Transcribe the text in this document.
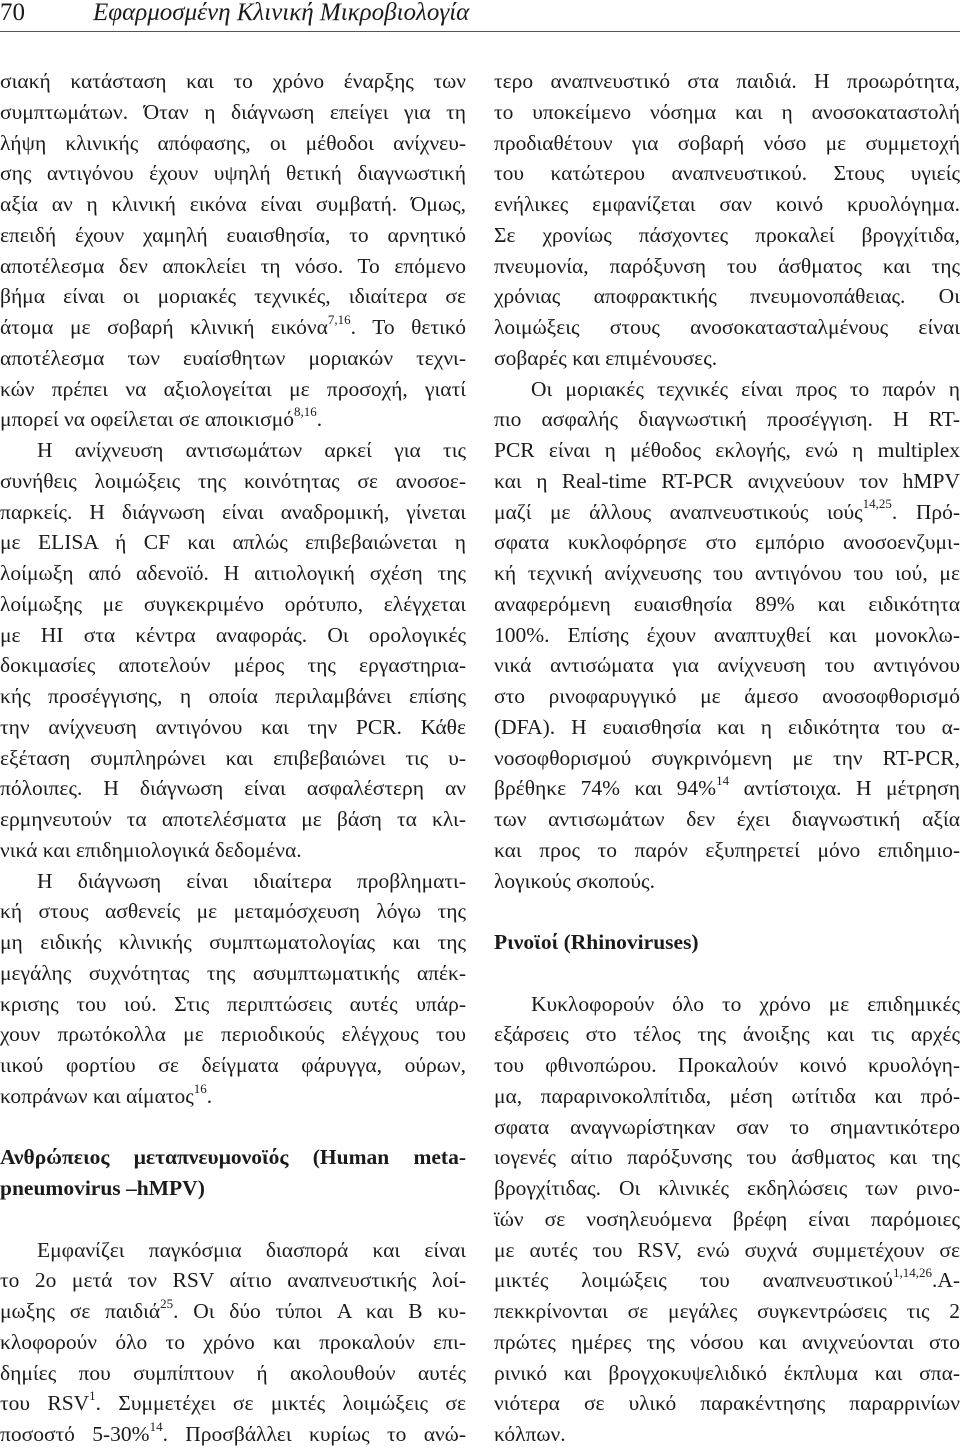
70	Εφαρμοσμένη Κλινική Μικροβιολογία
σιακή κατάσταση και το χρόνο έναρξης των
συμπτωμάτων. Όταν η διάγνωση επείγει για τη
λήψη κλινικής απόφασης, οι μέθοδοι ανίχνευ-
σης αντιγόνου έχουν υψηλή θετική διαγνωστική
αξία αν η κλινική εικόνα είναι συμβατή. Όμως,
επειδή έχουν χαμηλή ευαισθησία, το αρνητικό
αποτέλεσμα δεν αποκλείει τη νόσο. Το επόμενο
βήμα είναι οι μοριακές τεχνικές, ιδιαίτερα σε
άτομα με σοβαρή κλινική εικόνα$^{7,16}$. Το θετικό
αποτέλεσμα των ευαίσθητων μοριακών τεχνι-
κών πρέπει να αξιολογείται με προσοχή, γιατί
μπορεί να οφείλεται σε αποικισμό$^{8,16}$.
Η ανίχνευση αντισωμάτων αρκεί για τις
συνήθεις λοιμώξεις της κοινότητας σε ανοσοε-
παρκείς. Η διάγνωση είναι αναδρομική, γίνεται
με ELISA ή CF και απλώς επιβεβαιώνεται η
λοίμωξη από αδενοϊό. Η αιτιολογική σχέση της
λοίμωξης με συγκεκριμένο ορότυπο, ελέγχεται
με HI στα κέντρα αναφοράς. Οι ορολογικές
δοκιμασίες αποτελούν μέρος της εργαστηρια-
κής προσέγγισης, η οποία περιλαμβάνει επίσης
την ανίχνευση αντιγόνου και την PCR. Κάθε
εξέταση συμπληρώνει και επιβεβαιώνει τις υ-
πόλοιπες. Η διάγνωση είναι ασφαλέστερη αν
ερμηνευτούν τα αποτελέσματα με βάση τα κλι-
νικά και επιδημιολογικά δεδομένα.
Η διάγνωση είναι ιδιαίτερα προβληματι-
κή στους ασθενείς με μεταμόσχευση λόγω της
μη ειδικής κλινικής συμπτωματολογίας και της
μεγάλης συχνότητας της ασυμπτωματικής απέκ-
κρισης του ιού. Στις περιπτώσεις αυτές υπάρ-
χουν πρωτόκολλα με περιοδικούς ελέγχους του
ιικού φορτίου σε δείγματα φάρυγγα, ούρων,
κοπράνων και αίματος$^{16}$.
Ανθρώπειος μεταπνευμονοϊός (Human meta-
pneumovirus –hMPV)
Εμφανίζει παγκόσμια διασπορά και είναι
το 2ο μετά τον RSV αίτιο αναπνευστικής λοί-
μωξης σε παιδιά$^{25}$. Οι δύο τύποι A και B κυ-
κλοφορούν όλο το χρόνο και προκαλούν επι-
δημίες που συμπίπτουν ή ακολουθούν αυτές
του RSV$^1$. Συμμετέχει σε μικτές λοιμώξεις σε
ποσοστό 5-30%$^{14}$. Προσβάλλει κυρίως το ανώ-
τερο αναπνευστικό στα παιδιά. Η προωρότητα,
το υποκείμενο νόσημα και η ανοσοκαταστολή
προδιαθέτουν για σοβαρή νόσο με συμμετοχή
του κατώτερου αναπνευστικού. Στους υγιείς
ενήλικες εμφανίζεται σαν κοινό κρυολόγημα.
Σε χρονίως πάσχοντες προκαλεί βρογχίτιδα,
πνευμονία, παρόξυνση του άσθματος και της
χρόνιας αποφρακτικής πνευμονοπάθειας. Οι
λοιμώξεις στους ανοσοκατασταλμένους είναι
σοβαρές και επιμένουσες.
Οι μοριακές τεχνικές είναι προς το παρόν η
πιο ασφαλής διαγνωστική προσέγγιση. Η RT-
PCR είναι η μέθοδος εκλογής, ενώ η multiplex
και η Real-time RT-PCR ανιχνεύουν τον hMPV
μαζί με άλλους αναπνευστικούς ιούς$^{14,25}$. Πρό-
σφατα κυκλοφόρησε στο εμπόριο ανοσοενζυμι-
κή τεχνική ανίχνευσης του αντιγόνου του ιού, με
αναφερόμενη ευαισθησία 89% και ειδικότητα
100%. Επίσης έχουν αναπτυχθεί και μονοκλω-
νικά αντισώματα για ανίχνευση του αντιγόνου
στο ρινοφαρυγγικό με άμεσο ανοσοφθορισμό
(DFA). Η ευαισθησία και η ειδικότητα του α-
νοσοφθορισμού συγκρινόμενη με την RT-PCR,
βρέθηκε 74% και 94%$^{14}$ αντίστοιχα. Η μέτρηση
των αντισωμάτων δεν έχει διαγνωστική αξία
και προς το παρόν εξυπηρετεί μόνο επιδημιο-
λογικούς σκοπούς.
Ρινοϊοί (Rhinoviruses)
Κυκλοφορούν όλο το χρόνο με επιδημικές
εξάρσεις στο τέλος της άνοιξης και τις αρχές
του φθινοπώρου. Προκαλούν κοινό κρυολόγη-
μα, παραρινοκολπίτιδα, μέση ωτίτιδα και πρό-
σφατα αναγνωρίστηκαν σαν το σημαντικότερο
ιογενές αίτιο παρόξυνσης του άσθματος και της
βρογχίτιδας. Οι κλινικές εκδηλώσεις των ρινο-
ϊών σε νοσηλευόμενα βρέφη είναι παρόμοιες
με αυτές του RSV, ενώ συχνά συμμετέχουν σε
μικτές λοιμώξεις του αναπνευστικού$^{1,14,26}$.Α-
πεκκρίνονται σε μεγάλες συγκεντρώσεις τις 2
πρώτες ημέρες της νόσου και ανιχνεύονται στο
ρινικό και βρογχοκυψελιδικό έκπλυμα και σπα-
νιότερα σε υλικό παρακέντησης παραρρινίων
κόλπων.
